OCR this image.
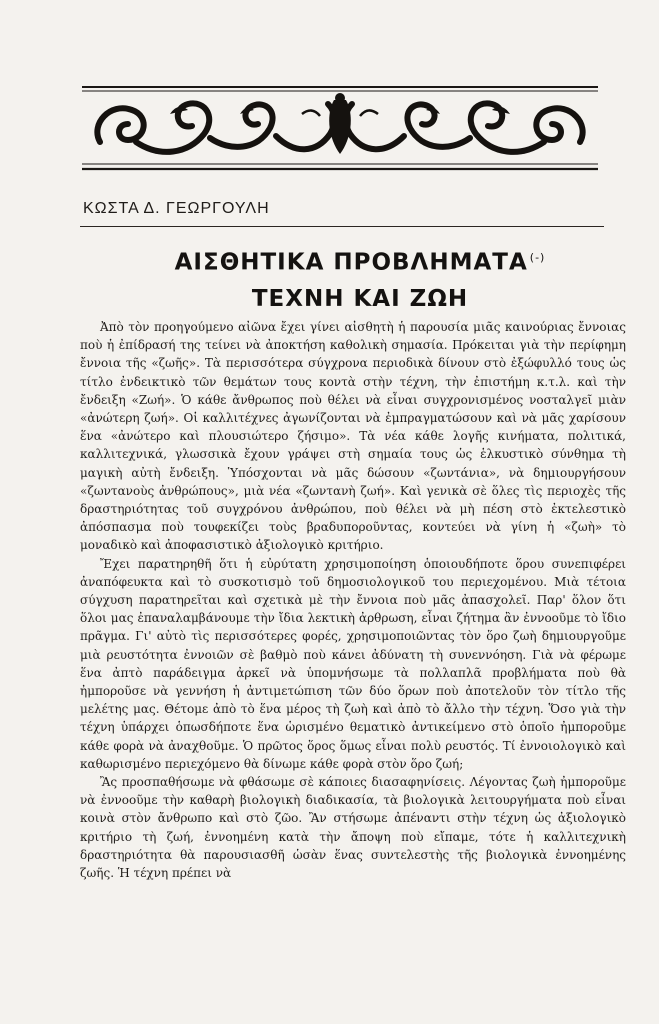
ΚΩΣΤΑ Δ. ΓΕΩΡΓΟΥΛΗ
ΑΙΣΘΗΤΙΚΑ ΠΡΟΒΛΗΜΑΤΑ (-)
ΤΕΧΝΗ ΚΑΙ ΖΩΗ

Ἀπὸ τὸν προηγούμενο αἰῶνα ἔχει γίνει αἰσθητὴ ἡ παρουσία μιᾶς καινούριας ἔννοιας ποὺ ἡ ἐπίδρασή της τείνει νὰ ἀποκτήση καθολικὴ σημασία. Πρόκειται γιὰ τὴν περίφημη ἔννοια τῆς «ζωῆς». Τὰ περισσότερα σύγχρονα περιοδικὰ δίνουν στὸ ἐξώφυλλό τους ὡς τίτλο ἐνδεικτικὸ τῶν θεμάτων τους κοντὰ στὴν τέχνη, τὴν ἐπιστήμη κ.τ.λ. καὶ τὴν ἔνδειξη «Ζωή». Ὁ κάθε ἄνθρωπος ποὺ θέλει νὰ εἶναι συγχρονισμένος νοσταλγεῖ μιὰν «ἀνώτερη ζωή». Οἱ καλλιτέχνες ἀγωνίζονται νὰ ἐμπραγματώσουν καὶ νὰ μᾶς χαρίσουν ἕνα «ἀνώτερο καὶ πλουσιώτερο ζήσιμο». Τὰ νέα κάθε λογῆς κινήματα, πολιτικά, καλλιτεχνικά, γλωσσικὰ ἔχουν γράψει στὴ σημαία τους ὡς ἑλκυστικὸ σύνθημα τὴ μαγικὴ αὐτὴ ἔνδειξη. Ὑπόσχονται νὰ μᾶς δώσουν «ζωντάνια», νὰ δημιουργήσουν «ζωντανοὺς ἀνθρώπους», μιὰ νέα «ζωντανὴ ζωή». Καὶ γενικὰ σὲ ὅλες τὶς περιοχὲς τῆς δραστηριότητας τοῦ συγχρόνου ἀνθρώπου, ποὺ θέλει νὰ μὴ πέση στὸ ἐκτελεστικὸ ἀπόσπασμα ποὺ τουφεκίζει τοὺς βραδυποροῦντας, κοντεύει νὰ γίνη ἡ «ζωὴ» τὸ μοναδικὸ καὶ ἀποφασιστικὸ ἀξιολογικὸ κριτήριο.

Ἔχει παρατηρηθῆ ὅτι ἡ εὐρύτατη χρησιμοποίηση ὁποιουδήποτε ὅρου συνεπιφέρει ἀναπόφευκτα καὶ τὸ συσκοτισμὸ τοῦ δημοσιολογικοῦ του περιεχομένου. Μιὰ τέτοια σύγχυση παρατηρεῖται καὶ σχετικὰ μὲ τὴν ἔννοια ποὺ μᾶς ἀπασχολεῖ. Παρ' ὅλον ὅτι ὅλοι μας ἐπαναλαμβάνουμε τὴν ἴδια λεκτικὴ ἀρθρωση, εἶναι ζήτημα ἂν ἐννοοῦμε τὸ ἴδιο πρᾶγμα. Γι' αὐτὸ τὶς περισσότερες φορές, χρησιμοποιῶντας τὸν ὅρο ζωὴ δημιουργοῦμε μιὰ ρευστότητα ἐννοιῶν σὲ βαθμὸ ποὺ κάνει ἀδύνατη τὴ συνεννόηση. Γιὰ νὰ φέρωμε ἕνα ἀπτὸ παράδειγμα ἀρκεῖ νὰ ὑπομνήσωμε τὰ πολλαπλᾶ προβλήματα ποὺ θὰ ἠμποροῦσε νὰ γεννήση ἡ ἀντιμετώπιση τῶν δύο ὅρων ποὺ ἀποτελοῦν τὸν τίτλο τῆς μελέτης μας. Θέτομε ἀπὸ τὸ ἕνα μέρος τὴ ζωὴ καὶ ἀπὸ τὸ ἄλλο τὴν τέχνη. Ὅσο γιὰ τὴν τέχνη ὑπάρχει ὁπωσδήποτε ἕνα ὡρισμένο θεματικὸ ἀντικείμενο στὸ ὁποῖο ἠμποροῦμε κάθε φορὰ νὰ ἀναχθοῦμε. Ὁ πρῶτος ὅρος ὅμως εἶναι πολὺ ρευστός. Τί ἐννοιολογικὸ καὶ καθωρισμένο περιεχόμενο θὰ δίνωμε κάθε φορὰ στὸν ὅρο ζωή;

Ἂς προσπαθήσωμε νὰ φθάσωμε σὲ κάποιες διασαφηνίσεις. Λέγοντας ζωὴ ἠμποροῦμε νὰ ἐννοοῦμε τὴν καθαρὴ βιολογικὴ διαδικασία, τὰ βιολογικὰ λειτουργήματα ποὺ εἶναι κοινὰ στὸν ἄνθρωπο καὶ στὸ ζῶο. Ἂν στήσωμε ἀπέναντι στὴν τέχνη ὡς ἀξιολογικὸ κριτήριο τὴ ζωή, ἐννοημένη κατὰ τὴν ἄποψη ποὺ εἴπαμε, τότε ἡ καλλιτεχνικὴ δραστηριότητα θὰ παρουσιασθῆ ὡσὰν ἕνας συντελεστὴς τῆς βιολογικὰ ἐννοημένης ζωῆς. Ἡ τέχνη πρέπει νὰ
